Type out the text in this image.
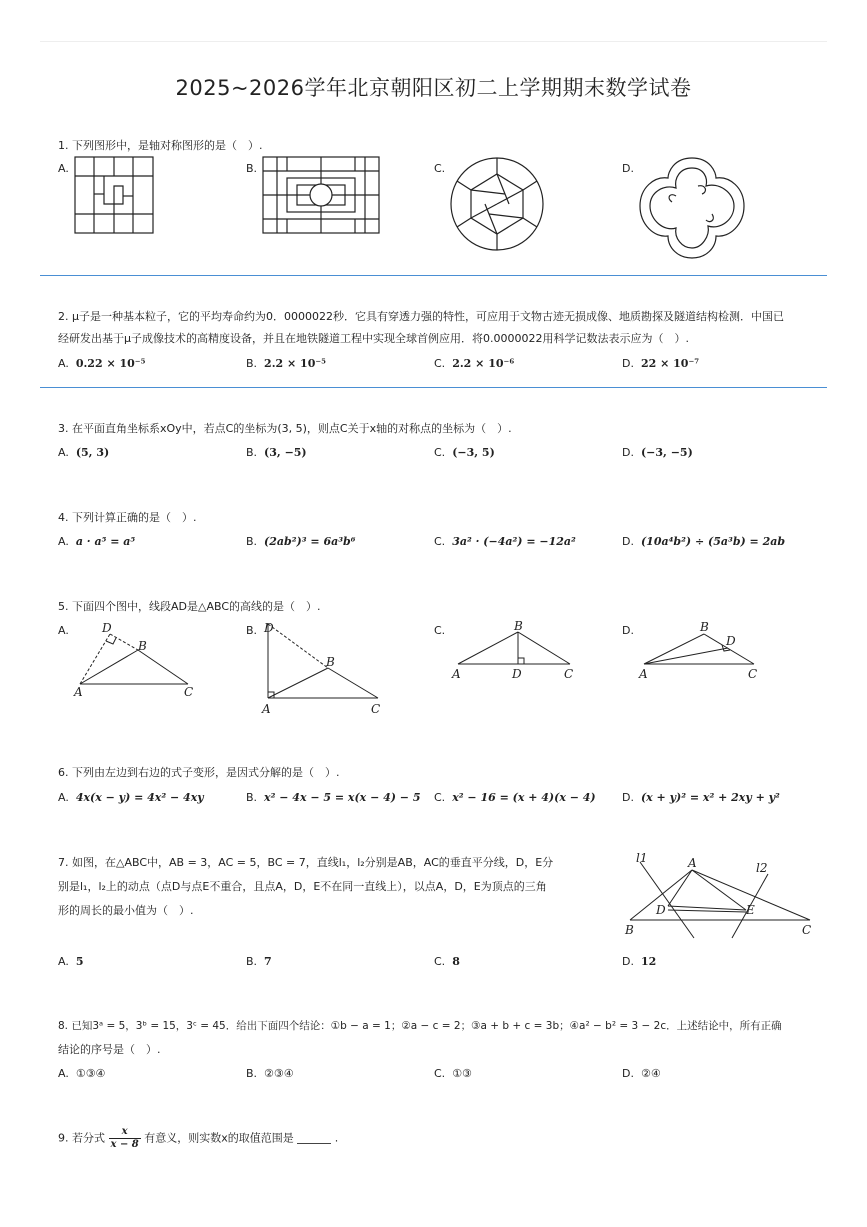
2025~2026学年北京朝阳区初二上学期期末数学试卷
1. 下列图形中，是轴对称图形的是（　）.
A.	B.	C.	D.
2. μ子是一种基本粒子，它的平均寿命约为0．0000022秒．它具有穿透力强的特性，可应用于文物古迹无损成像、地质勘探及隧道结构检测．中国已
经研发出基于μ子成像技术的高精度设备，并且在地铁隧道工程中实现全球首例应用．将0.0000022用科学记数法表示应为（　）.
A. 0.22 × 10⁻⁵	B. 2.2 × 10⁻⁵	C. 2.2 × 10⁻⁶	D. 22 × 10⁻⁷
3. 在平面直角坐标系xOy中，若点C的坐标为(3, 5)，则点C关于x轴的对称点的坐标为（　）.
A. (5, 3)	B. (3, −5)	C. (−3, 5)	D. (−3, −5)
4. 下列计算正确的是（　）.
A. a · a⁵ = a⁵	B. (2ab²)³ = 6a³b⁶	C. 3a² · (−4a²) = −12a²	D. (10a⁴b²) ÷ (5a³b) = 2ab
5. 下面四个图中，线段AD是△ABC的高线的是（　）.
A.	B.	C.	D.
D
B
A	C
D
B
A	C
B
A	D	C
B
D
A	C
6. 下列由左边到右边的式子变形，是因式分解的是（　）.
A. 4x(x − y) = 4x² − 4xy	B. x² − 4x − 5 = x(x − 4) − 5 C. x² − 16 = (x + 4)(x − 4) D. (x + y)² = x² + 2xy + y²
7. 如图，在△ABC中，AB = 3，AC = 5，BC = 7，直线l₁，l₂分别是AB，AC的垂直平分线，D，E分
别是l₁，l₂上的动点（点D与点E不重合，且点A，D，E不在同一直线上），以点A，D，E为顶点的三角
形的周长的最小值为（　）.
l1	A	l2
D	E
B	C
A. 5	B. 7	C. 8	D. 12
8. 已知3ᵃ = 5，3ᵇ = 15，3ᶜ = 45．给出下面四个结论：①b − a = 1；②a − c = 2；③a + b + c = 3b；④a² − b² = 3 − 2c．上述结论中，所有正确
结论的序号是（　）.
A. ①③④	B. ②③④	C. ①③	D. ②④
9. 若分式 $\frac{x}{x - 8}$ 有意义，则实数x的取值范围是	.
